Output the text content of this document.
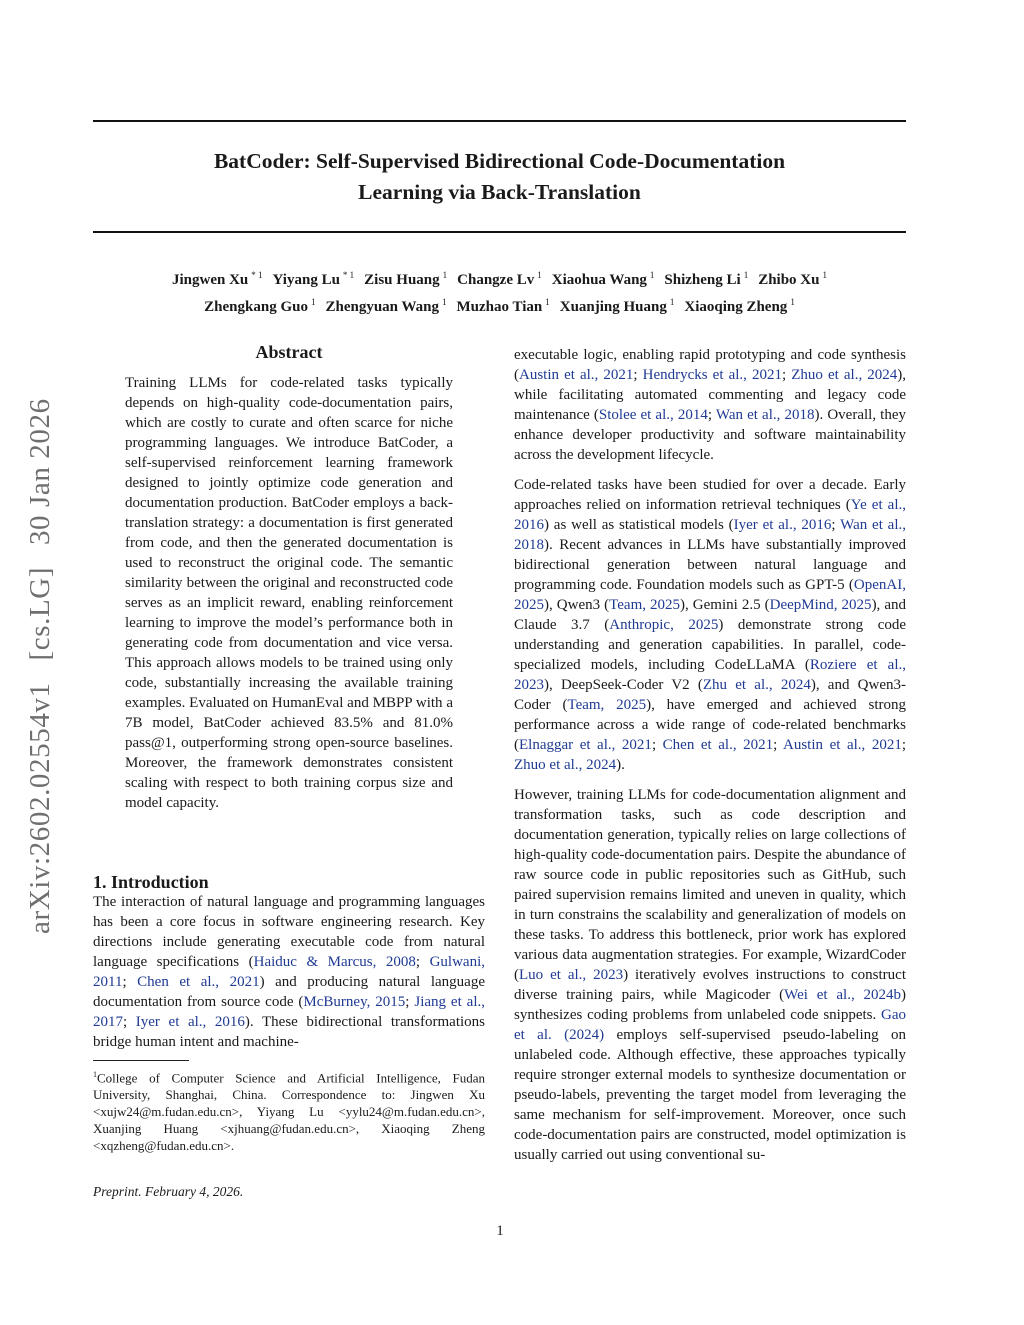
BatCoder: Self-Supervised Bidirectional Code-Documentation
Learning via Back-Translation
Jingwen Xu $^{* 1}$ Yiyang Lu $^{* 1}$ Zisu Huang $^1$ Changze Lv $^1$ Xiaohua Wang $^1$ Shizheng Li $^1$ Zhibo Xu $^1$
Zhengkang Guo $^1$ Zhengyuan Wang $^1$ Muzhao Tian $^1$ Xuanjing Huang $^1$ Xiaoqing Zheng $^1$
arXiv:2602.02554v1 [cs.LG] 30 Jan 2026
Abstract

Training LLMs for code-related tasks typically depends on high-quality code-documentation pairs, which are costly to curate and often scarce for niche programming languages. We introduce BatCoder, a self-supervised reinforcement learning framework designed to jointly optimize code generation and documentation production. BatCoder employs a back-translation strategy: a documentation is first generated from code, and then the generated documentation is used to reconstruct the original code. The semantic similarity between the original and reconstructed code serves as an implicit reward, enabling reinforcement learning to improve the model’s performance both in generating code from documentation and vice versa. This approach allows models to be trained using only code, substantially increasing the available training examples. Evaluated on HumanEval and MBPP with a 7B model, BatCoder achieved 83.5% and 81.0% pass@1, outperforming strong open-source baselines. Moreover, the framework demonstrates consistent scaling with respect to both training corpus size and model capacity.

1. Introduction

The interaction of natural language and programming languages has been a core focus in software engineering research. Key directions include generating executable code from natural language specifications (Haiduc & Marcus, 2008; Gulwani, 2011; Chen et al., 2021) and producing natural language documentation from source code (McBurney, 2015; Jiang et al., 2017; Iyer et al., 2016). These bidirectional transformations bridge human intent and machine-

$^1$College of Computer Science and Artificial Intelligence, Fudan University, Shanghai, China. Correspondence to: Jingwen Xu <xujw24@m.fudan.edu.cn>, Yiyang Lu <yylu24@m.fudan.edu.cn>, Xuanjing Huang <xjhuang@fudan.edu.cn>, Xiaoqing Zheng <xqzheng@fudan.edu.cn>.

Preprint. February 4, 2026.

executable logic, enabling rapid prototyping and code synthesis (Austin et al., 2021; Hendrycks et al., 2021; Zhuo et al., 2024), while facilitating automated commenting and legacy code maintenance (Stolee et al., 2014; Wan et al., 2018). Overall, they enhance developer productivity and software maintainability across the development lifecycle.

Code-related tasks have been studied for over a decade. Early approaches relied on information retrieval techniques (Ye et al., 2016) as well as statistical models (Iyer et al., 2016; Wan et al., 2018). Recent advances in LLMs have substantially improved bidirectional generation between natural language and programming code. Foundation models such as GPT-5 (OpenAI, 2025), Qwen3 (Team, 2025), Gemini 2.5 (DeepMind, 2025), and Claude 3.7 (Anthropic, 2025) demonstrate strong code understanding and generation capabilities. In parallel, code-specialized models, including CodeLLaMA (Roziere et al., 2023), DeepSeek-Coder V2 (Zhu et al., 2024), and Qwen3-Coder (Team, 2025), have emerged and achieved strong performance across a wide range of code-related benchmarks (Elnaggar et al., 2021; Chen et al., 2021; Austin et al., 2021; Zhuo et al., 2024).

However, training LLMs for code-documentation alignment and transformation tasks, such as code description and documentation generation, typically relies on large collections of high-quality code-documentation pairs. Despite the abundance of raw source code in public repositories such as GitHub, such paired supervision remains limited and uneven in quality, which in turn constrains the scalability and generalization of models on these tasks. To address this bottleneck, prior work has explored various data augmentation strategies. For example, WizardCoder (Luo et al., 2023) iteratively evolves instructions to construct diverse training pairs, while Magicoder (Wei et al., 2024b) synthesizes coding problems from unlabeled code snippets. Gao et al. (2024) employs self-supervised pseudo-labeling on unlabeled code. Although effective, these approaches typically require stronger external models to synthesize documentation or pseudo-labels, preventing the target model from leveraging the same mechanism for self-improvement. Moreover, once such code-documentation pairs are constructed, model optimization is usually carried out using conventional su-

1
